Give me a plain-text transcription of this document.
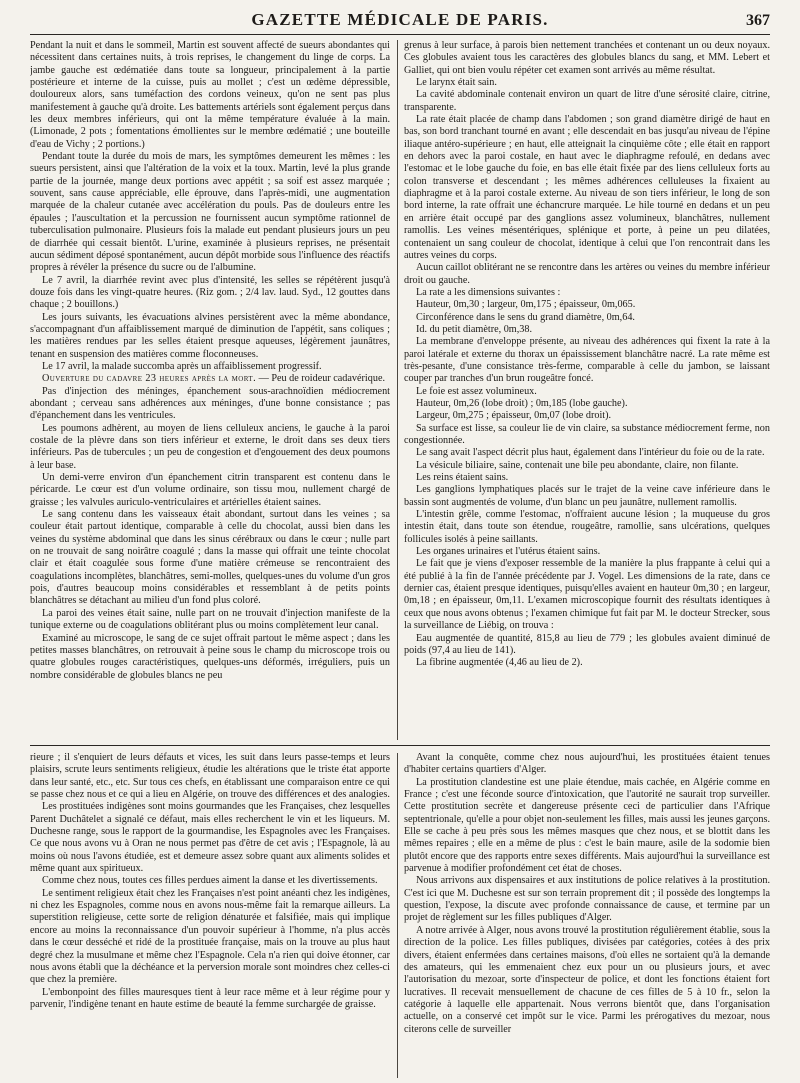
GAZETTE MÉDICALE DE PARIS.	367

Pendant la nuit et dans le sommeil, Martin est souvent affecté de sueurs abondantes qui nécessitent dans certaines nuits, à trois reprises, le changement du linge de corps. La jambe gauche est œdématiée dans toute sa longueur, principalement à la partie postérieure et interne de la cuisse, puis au mollet ; c'est un œdème dépressible, douloureux alors, sans tuméfaction des cordons veineux, qu'on ne sent pas plus manifestement à gauche qu'à droite. Les battements artériels sont également perçus dans les deux membres inférieurs, qui ont la même température évaluée à la main. (Limonade, 2 pots ; fomentations émollientes sur le membre œdématié ; une bouteille d'eau de Vichy ; 2 portions.)

Pendant toute la durée du mois de mars, les symptômes demeurent les mêmes : les sueurs persistent, ainsi que l'altération de la voix et la toux. Martin, levé la plus grande partie de la journée, mange deux portions avec appétit ; sa soif est assez marquée ; souvent, sans cause appréciable, elle éprouve, dans l'après-midi, une augmentation marquée de la chaleur cutanée avec accélération du pouls. Pas de douleurs entre les épaules ; l'auscultation et la percussion ne fournissent aucun symptôme rationnel de tuberculisation pulmonaire. Plusieurs fois la malade eut pendant plusieurs jours un peu de diarrhée qui cessait bientôt. L'urine, examinée à plusieurs reprises, ne présentait aucun sédiment déposé spontanément, aucun dépôt morbide sous l'influence des réactifs propres à révéler la présence du sucre ou de l'albumine.

Le 7 avril, la diarrhée revint avec plus d'intensité, les selles se répétèrent jusqu'à douze fois dans les vingt-quatre heures. (Riz gom. ; 2/4 lav. laud. Syd., 12 gouttes dans chaque ; 2 bouillons.)

Les jours suivants, les évacuations alvines persistèrent avec la même abondance, s'accompagnant d'un affaiblissement marqué de diminution de l'appétit, sans coliques ; les matières rendues par les selles étaient presque aqueuses, légèrement jaunâtres, tenant en suspension des matières comme floconneuses.

Le 17 avril, la malade succomba après un affaiblissement progressif.

Ouverture du cadavre 23 heures après la mort. — Peu de roideur cadavérique.

Pas d'injection des méninges, épanchement sous-arachnoïdien médiocrement abondant ; cerveau sans adhérences aux méninges, d'une bonne consistance ; pas d'épanchement dans les ventricules.

Les poumons adhèrent, au moyen de liens celluleux anciens, le gauche à la paroi costale de la plèvre dans son tiers inférieur et externe, le droit dans ses deux tiers inférieurs. Pas de tubercules ; un peu de congestion et d'engouement des deux poumons à leur base.

Un demi-verre environ d'un épanchement citrin transparent est contenu dans le péricarde. Le cœur est d'un volume ordinaire, son tissu mou, nullement chargé de graisse ; les valvules auriculo-ventriculaires et artérielles étaient saines.

Le sang contenu dans les vaisseaux était abondant, surtout dans les veines ; sa couleur était partout identique, comparable à celle du chocolat, aussi bien dans les veines du système abdominal que dans les sinus cérébraux ou dans le cœur ; nulle part on ne trouvait de sang noirâtre coagulé ; dans la masse qui offrait une teinte chocolat clair et était coagulée sous forme d'une matière crémeuse se rencontraient des coagulations incomplètes, blanchâtres, semi-molles, quelques-unes du volume d'un gros pois, d'autres beaucoup moins considérables et ressemblant à de petits points blanchâtres se détachant au milieu d'un fond plus coloré.

La paroi des veines était saine, nulle part on ne trouvait d'injection manifeste de la tunique externe ou de coagulations oblitérant plus ou moins complètement leur canal.

Examiné au microscope, le sang de ce sujet offrait partout le même aspect ; dans les petites masses blanchâtres, on retrouvait à peine sous le champ du microscope trois ou quatre globules rouges caractéristiques, quelques-uns déformés, irréguliers, puis un nombre considérable de globules blancs ne peu

grenus à leur surface, à parois bien nettement tranchées et contenant un ou deux noyaux. Ces globules avaient tous les caractères des globules blancs du sang, et MM. Lebert et Galliet, qui ont bien voulu répéter cet examen sont arrivés au même résultat.

Le larynx était sain.

La cavité abdominale contenait environ un quart de litre d'une sérosité claire, citrine, transparente.

La rate était placée de champ dans l'abdomen ; son grand diamètre dirigé de haut en bas, son bord tranchant tourné en avant ; elle descendait en bas jusqu'au niveau de l'épine iliaque antéro-supérieure ; en haut, elle atteignait la cinquième côte ; elle était en rapport en dehors avec la paroi costale, en haut avec le diaphragme refoulé, en dedans avec l'estomac et le lobe gauche du foie, en bas elle était fixée par des liens celluleux forts au colon transverse et descendant ; les mêmes adhérences celluleuses la fixaient au diaphragme et à la paroi costale externe. Au niveau de son tiers inférieur, le long de son bord interne, la rate offrait une échancrure marquée. Le hile tourné en dedans et un peu en arrière était occupé par des ganglions assez volumineux, blanchâtres, nullement ramollis. Les veines mésentériques, splénique et porte, à peine un peu dilatées, contenaient un sang couleur de chocolat, identique à celui que l'on rencontrait dans les autres veines du corps.

Aucun caillot oblitérant ne se rencontre dans les artères ou veines du membre inférieur droit ou gauche.

La rate a les dimensions suivantes :

Hauteur, 0m,30 ; largeur, 0m,175 ; épaisseur, 0m,065.

Circonférence dans le sens du grand diamètre, 0m,64.

Id. du petit diamètre, 0m,38.

La membrane d'enveloppe présente, au niveau des adhérences qui fixent la rate à la paroi latérale et externe du thorax un épaississement blanchâtre nacré. La rate même est très-pesante, d'une consistance très-ferme, comparable à celle du jambon, se laissant couper par tranches d'un brun rougeâtre foncé.

Le foie est assez volumineux.

Hauteur, 0m,26 (lobe droit) ; 0m,185 (lobe gauche).

Largeur, 0m,275 ; épaisseur, 0m,07 (lobe droit).

Sa surface est lisse, sa couleur lie de vin claire, sa substance médiocrement ferme, non congestionnée.

Le sang avait l'aspect décrit plus haut, également dans l'intérieur du foie ou de la rate.

La vésicule biliaire, saine, contenait une bile peu abondante, claire, non filante.

Les reins étaient sains.

Les ganglions lymphatiques placés sur le trajet de la veine cave inférieure dans le bassin sont augmentés de volume, d'un blanc un peu jaunâtre, nullement ramollis.

L'intestin grêle, comme l'estomac, n'offraient aucune lésion ; la muqueuse du gros intestin était, dans toute son étendue, rougeâtre, ramollie, sans ulcérations, quelques follicules isolés à peine saillants.

Les organes urinaires et l'utérus étaient sains.

Le fait que je viens d'exposer ressemble de la manière la plus frappante à celui qui a été publié à la fin de l'année précédente par J. Vogel. Les dimensions de la rate, dans ce dernier cas, étaient presque identiques, puisqu'elles avaient en hauteur 0m,30 ; en largeur, 0m,18 ; en épaisseur, 0m,11. L'examen microscopique fournit des résultats identiques à ceux que nous avons obtenus ; l'examen chimique fut fait par M. le docteur Strecker, sous la surveillance de Liébig, on trouva :

Eau augmentée de quantité, 815,8 au lieu de 779 ; les globules avaient diminué de poids (97,4 au lieu de 141).

La fibrine augmentée (4,46 au lieu de 2).

rieure ; il s'enquiert de leurs défauts et vices, les suit dans leurs passe-temps et leurs plaisirs, scrute leurs sentiments religieux, étudie les altérations que le triste état apporte dans leur santé, etc., etc. Sur tous ces chefs, en établissant une comparaison entre ce qui se passe chez nous et ce qui a lieu en Algérie, on trouve des différences et des analogies.

Les prostituées indigènes sont moins gourmandes que les Françaises, chez lesquelles Parent Duchâtelet a signalé ce défaut, mais elles recherchent le vin et les liqueurs. M. Duchesne range, sous le rapport de la gourmandise, les Espagnoles avec les Françaises. Ce que nous avons vu à Oran ne nous permet pas d'être de cet avis ; l'Espagnole, là au moins où nous l'avons étudiée, est et demeure assez sobre quant aux aliments solides et même quant aux spiritueux.

Comme chez nous, toutes ces filles perdues aiment la danse et les divertissements.

Le sentiment religieux était chez les Françaises n'est point anéanti chez les indigènes, ni chez les Espagnoles, comme nous en avons nous-même fait la remarque ailleurs. La superstition religieuse, cette sorte de religion dénaturée et falsifiée, mais qui implique encore au moins la reconnaissance d'un pouvoir supérieur à l'homme, n'a plus accès dans le cœur desséché et ridé de la prostituée française, mais on la trouve au plus haut degré chez la musulmane et même chez l'Espagnole. Cela n'a rien qui doive étonner, car nous avons établi que la déchéance et la perversion morale sont moindres chez celles-ci que chez la première.

L'embonpoint des filles mauresques tient à leur race même et à leur régime pour y parvenir, l'indigène tenant en haute estime de beauté la femme surchargée de graisse.

Avant la conquête, comme chez nous aujourd'hui, les prostituées étaient tenues d'habiter certains quartiers d'Alger.

La prostitution clandestine est une plaie étendue, mais cachée, en Algérie comme en France ; c'est une féconde source d'intoxication, que l'autorité ne saurait trop surveiller. Cette prostitution secrète et dangereuse présente ceci de particulier dans l'Afrique septentrionale, qu'elle a pour objet non-seulement les filles, mais aussi les jeunes garçons. Elle se cache à peu près sous les mêmes masques que chez nous, et se blottit dans les mêmes repaires ; elle en a même de plus : c'est le bain maure, asile de la sodomie bien plutôt encore que des rapports entre sexes différents. Mais aujourd'hui la surveillance est parvenue à modifier profondément cet état de choses.

Nous arrivons aux dispensaires et aux institutions de police relatives à la prostitution. C'est ici que M. Duchesne est sur son terrain proprement dit ; il possède des longtemps la question, l'expose, la discute avec profonde connaissance de cause, et termine par un projet de règlement sur les filles publiques d'Alger.

A notre arrivée à Alger, nous avons trouvé la prostitution régulièrement établie, sous la direction de la police. Les filles publiques, divisées par catégories, cotées à des prix divers, étaient enfermées dans certaines maisons, d'où elles ne sortaient qu'à la demande des amateurs, qui les emmenaient chez eux pour un ou plusieurs jours, et avec l'autorisation du mezoar, sorte d'inspecteur de police, et dont les fonctions étaient fort lucratives. Il recevait mensuellement de chacune de ces filles de 5 à 10 fr., selon la catégorie à laquelle elle appartenait. Nous verrons bientôt que, dans l'organisation actuelle, on a conservé cet impôt sur le vice. Parmi les prérogatives du mezoar, nous citerons celle de surveiller
